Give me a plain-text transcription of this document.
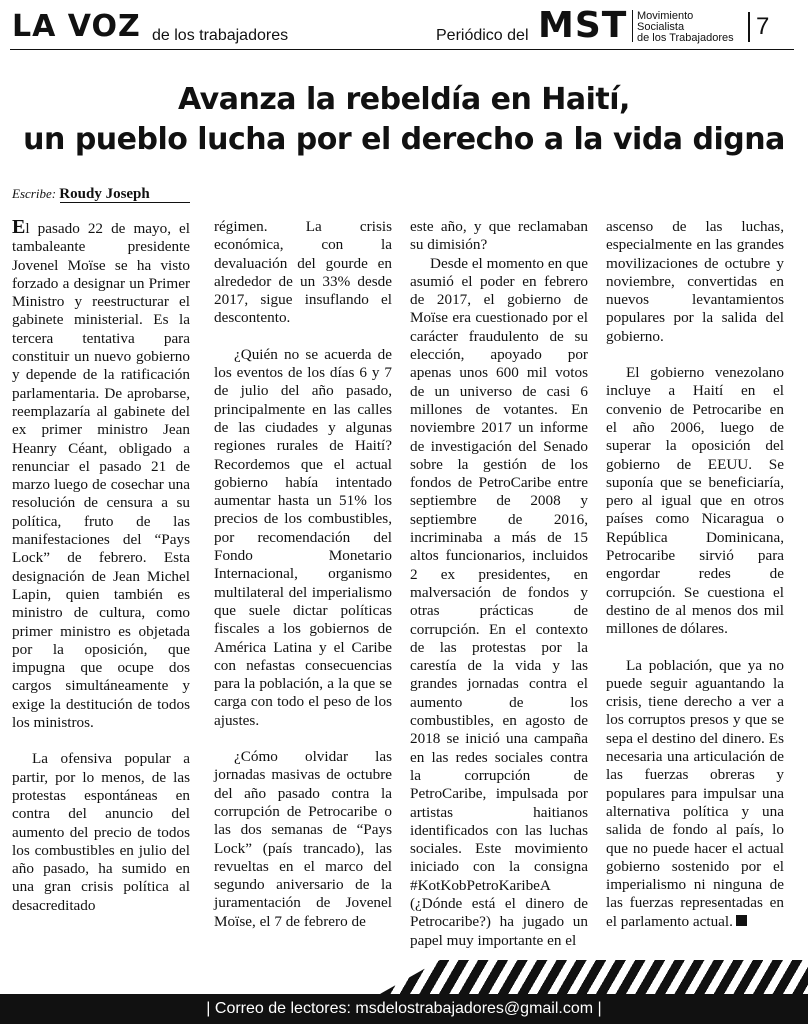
LA VOZ de los trabajadores	Periódico del MST Movimiento
Socialista
de los Trabajadores 7
Avanza la rebeldía en Haití,
un pueblo lucha por el derecho a la vida digna
Escribe: Roudy Joseph

El pasado 22 de mayo, el tambaleante presidente Jovenel Moïse se ha visto forzado a designar un Primer Ministro y reestructurar el gabinete ministerial. Es la tercera tentativa para constituir un nuevo gobierno y depende de la ratificación parlamentaria. De aprobarse, reemplazaría al gabinete del ex primer ministro Jean Heanry Céant, obligado a renunciar el pasado 21 de marzo luego de cosechar una resolución de censura a su política, fruto de las manifestaciones del “Pays Lock” de febrero. Esta designación de Jean Michel Lapin, quien también es ministro de cultura, como primer ministro es objetada por la oposición, que impugna que ocupe dos cargos simultáneamente y exige la destitución de todos los ministros.

La ofensiva popular a partir, por lo menos, de las protestas espontáneas en contra del anuncio del aumento del precio de todos los combustibles en julio del año pasado, ha sumido en una gran crisis política al desacreditado

régimen. La crisis económica, con la devaluación del gourde en alrededor de un 33% desde 2017, sigue insuflando el descontento.

¿Quién no se acuerda de los eventos de los días 6 y 7 de julio del año pasado, principalmente en las calles de las ciudades y algunas regiones rurales de Haití? Recordemos que el actual gobierno había intentado aumentar hasta un 51% los precios de los combustibles, por recomendación del Fondo Monetario Internacional, organismo multilateral del imperialismo que suele dictar políticas fiscales a los gobiernos de América Latina y el Caribe con nefastas consecuencias para la población, a la que se carga con todo el peso de los ajustes.

¿Cómo olvidar las jornadas masivas de octubre del año pasado contra la corrupción de Petrocaribe o las dos semanas de “Pays Lock” (país trancado), las revueltas en el marco del segundo aniversario de la juramentación de Jovenel Moïse, el 7 de febrero de

este año, y que reclamaban su dimisión?

Desde el momento en que asumió el poder en febrero de 2017, el gobierno de Moïse era cuestionado por el carácter fraudulento de su elección, apoyado por apenas unos 600 mil votos de un universo de casi 6 millones de votantes. En noviembre 2017 un informe de investigación del Senado sobre la gestión de los fondos de PetroCaribe entre septiembre de 2008 y septiembre de 2016, incriminaba a más de 15 altos funcionarios, incluidos 2 ex presidentes, en malversación de fondos y otras prácticas de corrupción. En el contexto de las protestas por la carestía de la vida y las grandes jornadas contra el aumento de los combustibles, en agosto de 2018 se inició una campaña en las redes sociales contra la corrupción de PetroCaribe, impulsada por artistas haitianos identificados con las luchas sociales. Este movimiento iniciado con la consigna #KotKobPetroKaribeA (¿Dónde está el dinero de Petrocaribe?) ha jugado un papel muy importante en el

ascenso de las luchas, especialmente en las grandes movilizaciones de octubre y noviembre, convertidas en nuevos levantamientos populares por la salida del gobierno.

El gobierno venezolano incluye a Haití en el convenio de Petrocaribe en el año 2006, luego de superar la oposición del gobierno de EEUU. Se suponía que se beneficiaría, pero al igual que en otros países como Nicaragua o República Dominicana, Petrocaribe sirvió para engordar redes de corrupción. Se cuestiona el destino de al menos dos mil millones de dólares.

La población, que ya no puede seguir aguantando la crisis, tiene derecho a ver a los corruptos presos y que se sepa el destino del dinero. Es necesaria una articulación de las fuerzas obreras y populares para impulsar una alternativa política y una salida de fondo al país, lo que no puede hacer el actual gobierno sostenido por el imperialismo ni ninguna de las fuerzas representadas en el parlamento actual.

| Correo de lectores: msdelostrabajadores@gmail.com |
